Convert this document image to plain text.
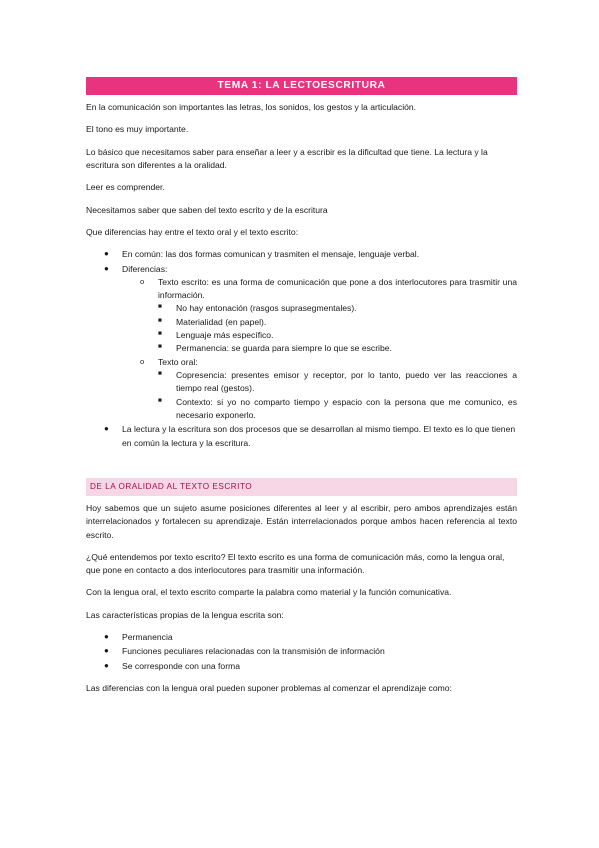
TEMA 1: LA LECTOESCRITURA

En la comunicación son importantes las letras, los sonidos, los gestos y la articulación.

El tono es muy importante.

Lo básico que necesitamos saber para enseñar a leer y a escribir es la dificultad que tiene. La lectura y la escritura son diferentes a la oralidad.

Leer es comprender.

Necesitamos saber que saben del texto escrito y de la escritura

Que diferencias hay entre el texto oral y el texto escrito:

● En común: las dos formas comunican y trasmiten el mensaje, lenguaje verbal.
● Diferencias:
o Texto escrito: es una forma de comunicación que pone a dos interlocutores para trasmitir una información.
■ No hay entonación (rasgos suprasegmentales).
■ Materialidad (en papel).
■ Lenguaje más específico.
■ Permanencia: se guarda para siempre lo que se escribe.
o Texto oral:
■ Copresencia: presentes emisor y receptor, por lo tanto, puedo ver las reacciones a tiempo real (gestos).
■ Contexto: si yo no comparto tiempo y espacio con la persona que me comunico, es necesario exponerlo.
● La lectura y la escritura son dos procesos que se desarrollan al mismo tiempo. El texto es lo que tienen en común la lectura y la escritura.
DE LA ORALIDAD AL TEXTO ESCRITO

Hoy sabemos que un sujeto asume posiciones diferentes al leer y al escribir, pero ambos aprendizajes están interrelacionados y fortalecen su aprendizaje. Están interrelacionados porque ambos hacen referencia al texto escrito.

¿Qué entendemos por texto escrito? El texto escrito es una forma de comunicación más, como la lengua oral, que pone en contacto a dos interlocutores para trasmitir una información.

Con la lengua oral, el texto escrito comparte la palabra como material y la función comunicativa.

Las características propias de la lengua escrita son:

● Permanencia
● Funciones peculiares relacionadas con la transmisión de información
● Se corresponde con una forma

Las diferencias con la lengua oral pueden suponer problemas al comenzar el aprendizaje como:
